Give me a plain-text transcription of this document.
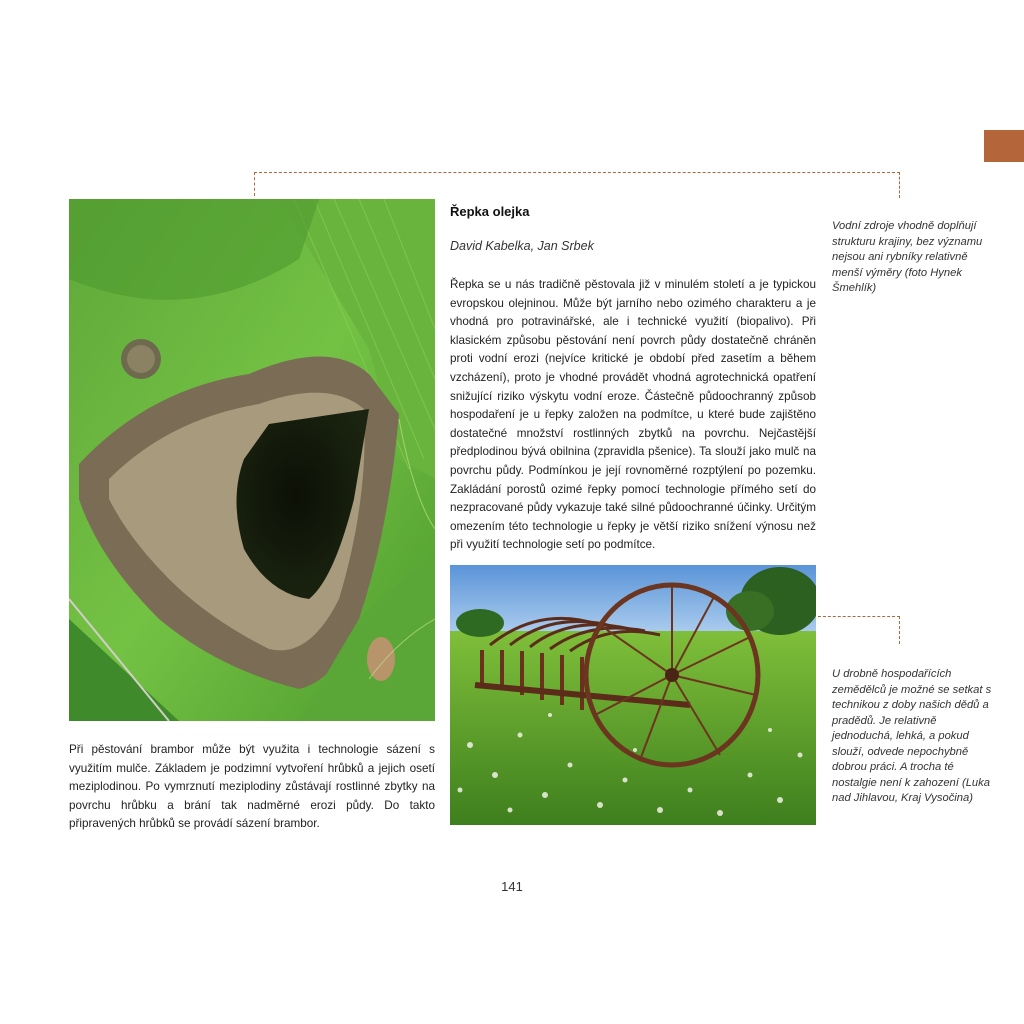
Řepka olejka

David Kabelka, Jan Srbek

Řepka se u nás tradičně pěstovala již v minulém století a je typickou evropskou olejninou. Může být jarního nebo ozimého charakteru a je vhodná pro potravinářské, ale i technické využití (biopalivo). Při klasickém způsobu pěstování není povrch půdy dostatečně chráněn proti vodní erozi (nejvíce kritické je období před zasetím a během vzcházení), proto je vhodné provádět vhodná agrotechnická opatření snižující riziko výskytu vodní eroze. Částečně půdoochranný způsob hospodaření je u řepky založen na podmítce, u které bude zajištěno dostatečné množství rostlinných zbytků na povrchu. Nejčastější předplodinou bývá obilnina (zpravidla pšenice). Ta slouží jako mulč na povrchu půdy. Podmínkou je její rovnoměrné rozptýlení po pozemku. Zakládání porostů ozimé řepky pomocí technologie přímého setí do nezpracované půdy vykazuje také silné půdoochranné účinky. Určitým omezením této technologie u řepky je větší riziko snížení výnosu než při využití technologie setí po podmítce.

Při pěstování brambor může být využita i technologie sázení s využitím mulče. Základem je podzimní vytvoření hrůbků a jejich osetí meziplodinou. Po vymrznutí meziplodiny zůstávají rostlinné zbytky na povrchu hrůbku a brání tak nadměrné erozi půdy. Do takto připravených hrůbků se provádí sázení brambor.

Vodní zdroje vhodně doplňují strukturu krajiny, bez významu nejsou ani rybníky relativně menší výměry (foto Hynek Šmehlík)

U drobně hospodařících zemědělců je možné se setkat s technikou z doby našich dědů a pradědů. Je relativně jednoduchá, lehká, a pokud slouží, odvede nepochybně dobrou práci. A trocha té nostalgie není k zahození (Luka nad Jihlavou, Kraj Vysočina)

141
